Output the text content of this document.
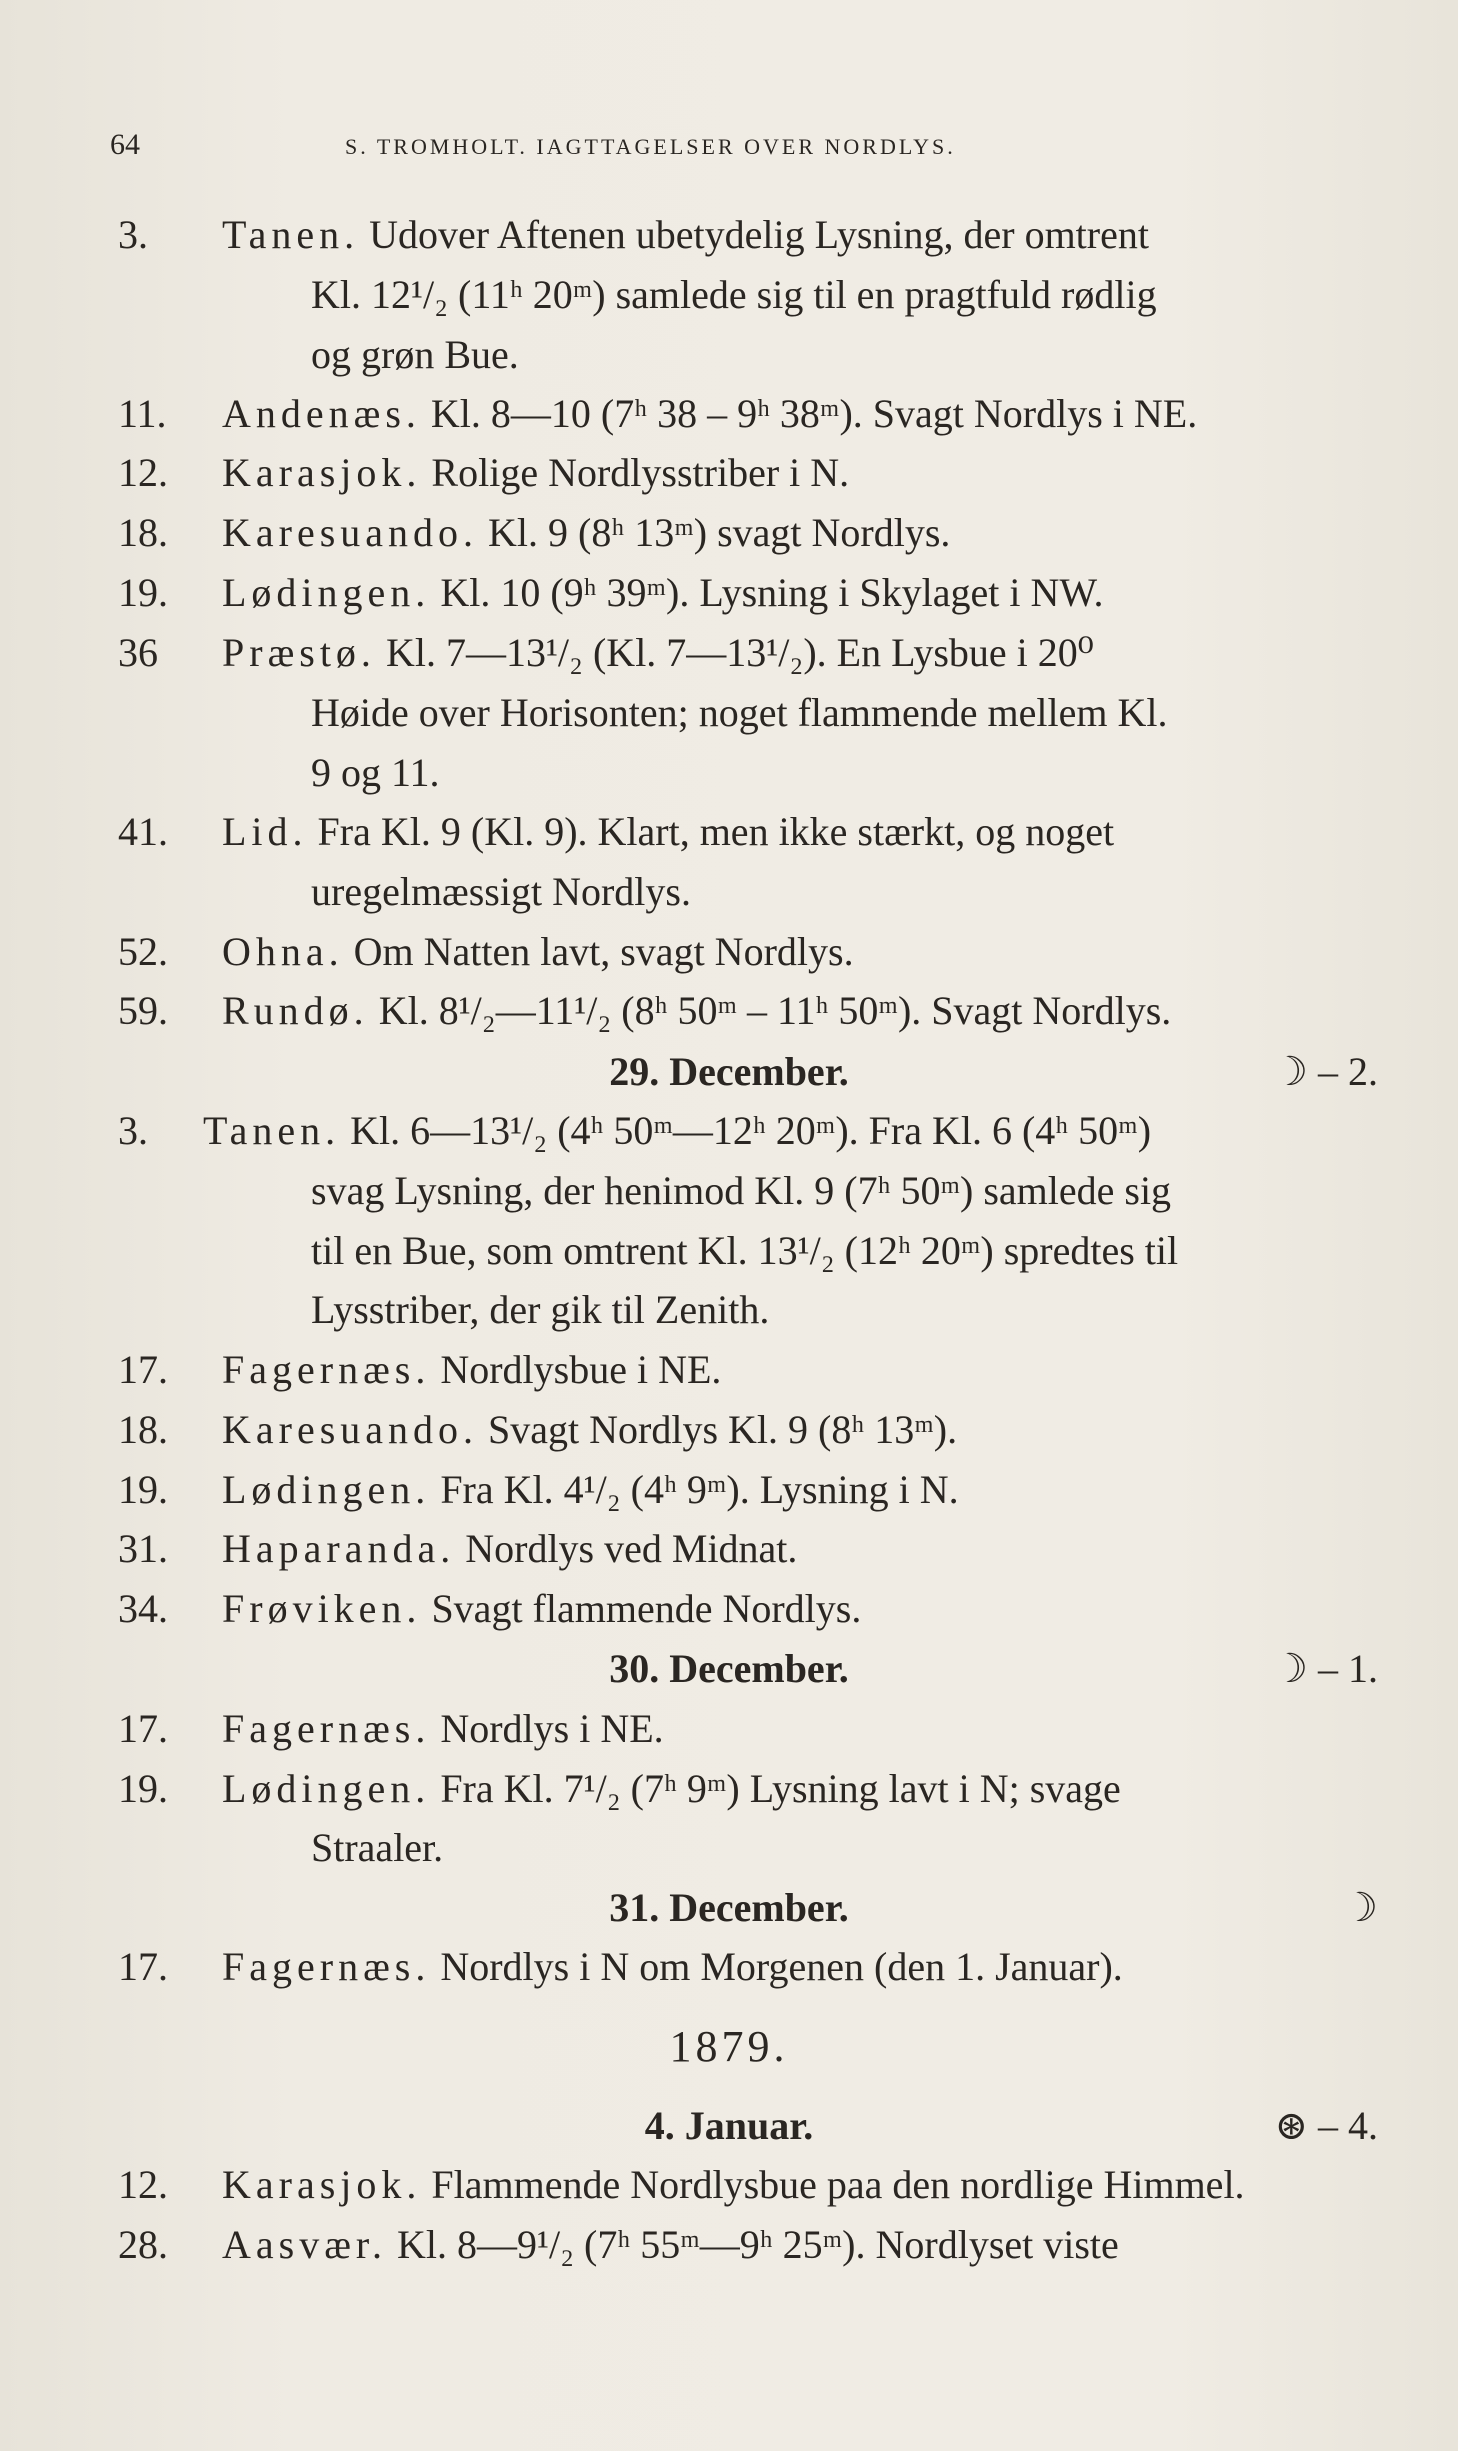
64	S. TROMHOLT. IAGTTAGELSER OVER NORDLYS.
3. Tanen. Udover Aftenen ubetydelig Lysning, der omtrent
Kl. 12¹/₂ (11ʰ 20ᵐ) samlede sig til en pragtfuld rødlig
og grøn Bue.
11. Andenæs. Kl. 8—10 (7ʰ 38 – 9ʰ 38ᵐ). Svagt Nordlys i NE.
12. Karasjok. Rolige Nordlysstriber i N.
18. Karesuando. Kl. 9 (8ʰ 13ᵐ) svagt Nordlys.
19. Lødingen. Kl. 10 (9ʰ 39ᵐ). Lysning i Skylaget i NW.
36 Præstø. Kl. 7—13¹/₂ (Kl. 7—13¹/₂). En Lysbue i 20⁰
Høide over Horisonten; noget flammende mellem Kl.
9 og 11.
41. Lid. Fra Kl. 9 (Kl. 9). Klart, men ikke stærkt, og noget
uregelmæssigt Nordlys.
52. Ohna. Om Natten lavt, svagt Nordlys.
59. Rundø. Kl. 8¹/₂—11¹/₂ (8ʰ 50ᵐ – 11ʰ 50ᵐ). Svagt Nordlys.
29. December.	☽ – 2.
3. Tanen. Kl. 6—13¹/₂ (4ʰ 50ᵐ—12ʰ 20ᵐ). Fra Kl. 6 (4ʰ 50ᵐ)
svag Lysning, der henimod Kl. 9 (7ʰ 50ᵐ) samlede sig
til en Bue, som omtrent Kl. 13¹/₂ (12ʰ 20ᵐ) spredtes til
Lysstriber, der gik til Zenith.
17. Fagernæs. Nordlysbue i NE.
18. Karesuando. Svagt Nordlys Kl. 9 (8ʰ 13ᵐ).
19. Lødingen. Fra Kl. 4¹/₂ (4ʰ 9ᵐ). Lysning i N.
31. Haparanda. Nordlys ved Midnat.
34. Frøviken. Svagt flammende Nordlys.
30. December.	☽ – 1.
17. Fagernæs. Nordlys i NE.
19. Lødingen. Fra Kl. 7¹/₂ (7ʰ 9ᵐ) Lysning lavt i N; svage
Straaler.
31. December.	☽
17. Fagernæs. Nordlys i N om Morgenen (den 1. Januar).
1879.
4. Januar.	⊛ – 4.
12. Karasjok. Flammende Nordlysbue paa den nordlige Himmel.
28. Aasvær. Kl. 8—9¹/₂ (7ʰ 55ᵐ—9ʰ 25ᵐ). Nordlyset viste
